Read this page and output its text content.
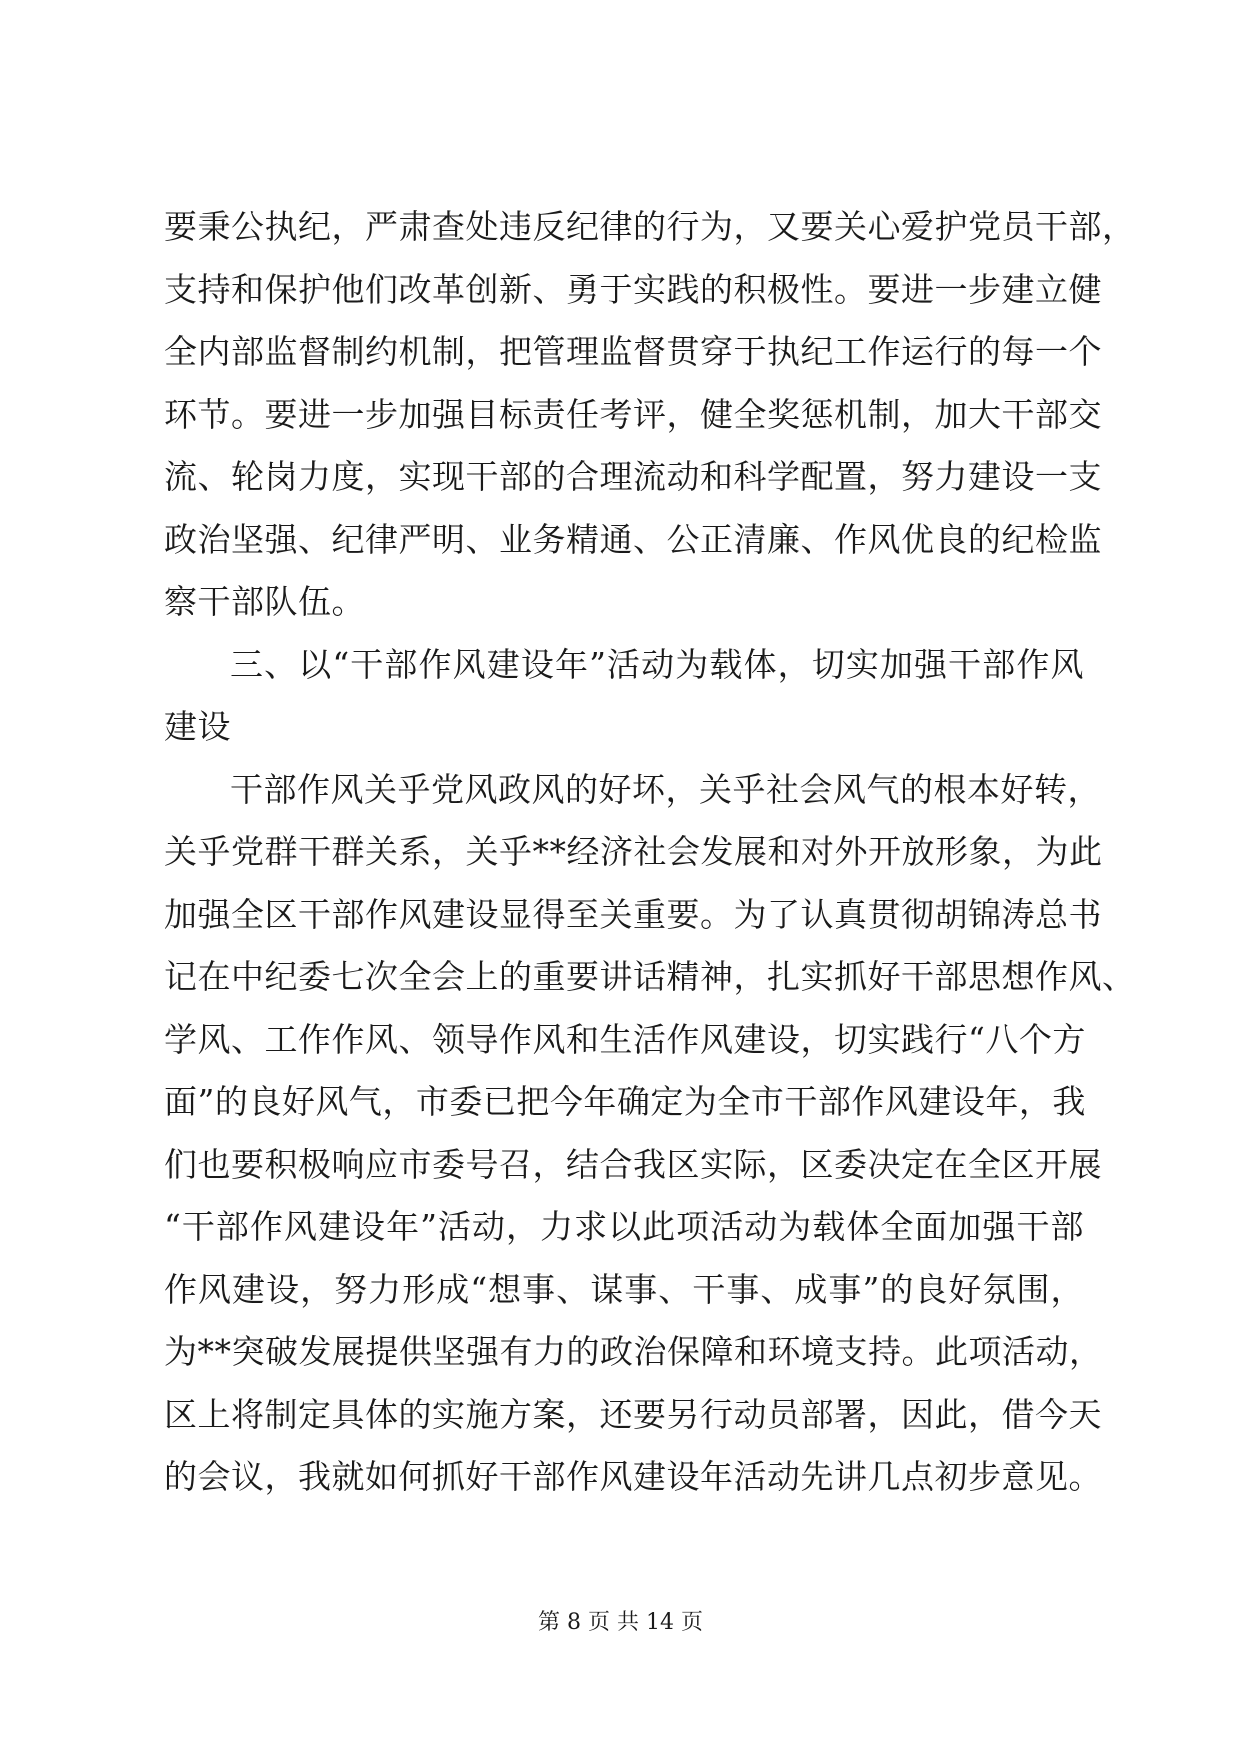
要秉公执纪，严肃查处违反纪律的行为，又要关心爱护党员干部，
支持和保护他们改革创新、勇于实践的积极性。要进一步建立健
全内部监督制约机制，把管理监督贯穿于执纪工作运行的每一个
环节。要进一步加强目标责任考评，健全奖惩机制，加大干部交
流、轮岗力度，实现干部的合理流动和科学配置，努力建设一支
政治坚强、纪律严明、业务精通、公正清廉、作风优良的纪检监
察干部队伍。
三、以“干部作风建设年”活动为载体，切实加强干部作风
建设
干部作风关乎党风政风的好坏，关乎社会风气的根本好转，
关乎党群干群关系，关乎**经济社会发展和对外开放形象，为此
加强全区干部作风建设显得至关重要。为了认真贯彻胡锦涛总书
记在中纪委七次全会上的重要讲话精神，扎实抓好干部思想作风、
学风、工作作风、领导作风和生活作风建设，切实践行“八个方
面”的良好风气，市委已把今年确定为全市干部作风建设年，我
们也要积极响应市委号召，结合我区实际，区委决定在全区开展
“干部作风建设年”活动，力求以此项活动为载体全面加强干部
作风建设，努力形成“想事、谋事、干事、成事”的良好氛围，
为**突破发展提供坚强有力的政治保障和环境支持。此项活动，
区上将制定具体的实施方案，还要另行动员部署，因此，借今天
的会议，我就如何抓好干部作风建设年活动先讲几点初步意见。
第 8 页 共 14 页
